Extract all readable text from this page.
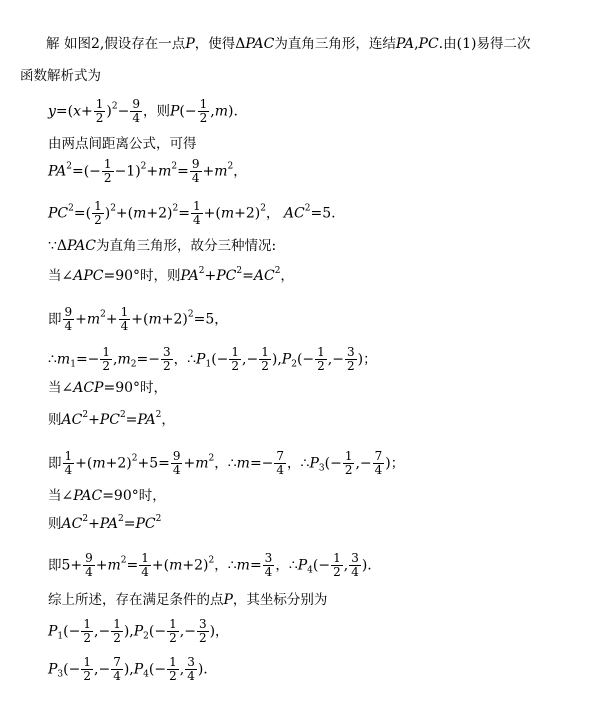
解 如图2,假设存在一点P，使得ΔPAC为直角三角形，连结PA,PC.由(1)易得二次
函数解析式为
$y=(x+ \frac{1}{2} )^2- \frac{9}{4}$ ，则$P(- \frac{1}{2} ,m)$.
由两点间距离公式，可得
$PA^2=(- \frac{1}{2} -1)^2+m^2= \frac{9}{4} +m^2$，
$PC^2=( \frac{1}{2} )^2+(m+2)^2= \frac{1}{4} +(m+2)^2$， $AC^2=5$.
∵ΔPAC为直角三角形，故分三种情况:
当∠APC=90°时，则$PA^2+PC^2=AC^2$，
即 $\frac{9}{4} +m^2+ \frac{1}{4} +(m+2)^2=5$，
$\therefore m_1=- \frac{1}{2} ,m_2=- \frac{3}{2}$ ，$\therefore P_1(- \frac{1}{2}$ ,− $\frac{1}{2} ),P_2(- \frac{1}{2}$ ,− $\frac{3}{2}$ )；
当∠ACP=90°时，
则$AC^2+PC^2=PA^2$，
即 $\frac{1}{4} +(m+2)^2+5= \frac{9}{4} +m^2$，∴m=− $\frac{7}{4}$ ，$\therefore P_3(- \frac{1}{2}$ ,− $\frac{7}{4}$ )；
当∠PAC=90°时，
则$AC^2+PA^2=PC^2$
即$5+ \frac{9}{4} +m^2= \frac{1}{4} +(m+2)^2$，∴m= $\frac{3}{4}$ ，$\therefore P_4(- \frac{1}{2}$ , $\frac{3}{4}$ ).
综上所述，存在满足条件的点P，其坐标分别为
$P_1(- \frac{1}{2}$ ,− $\frac{1}{2} ),P_2(- \frac{1}{2}$ ,− $\frac{3}{2}$ )，
$P_3(- \frac{1}{2}$ ,− $\frac{7}{4} ),P_4(- \frac{1}{2}$ , $\frac{3}{4}$ ).
